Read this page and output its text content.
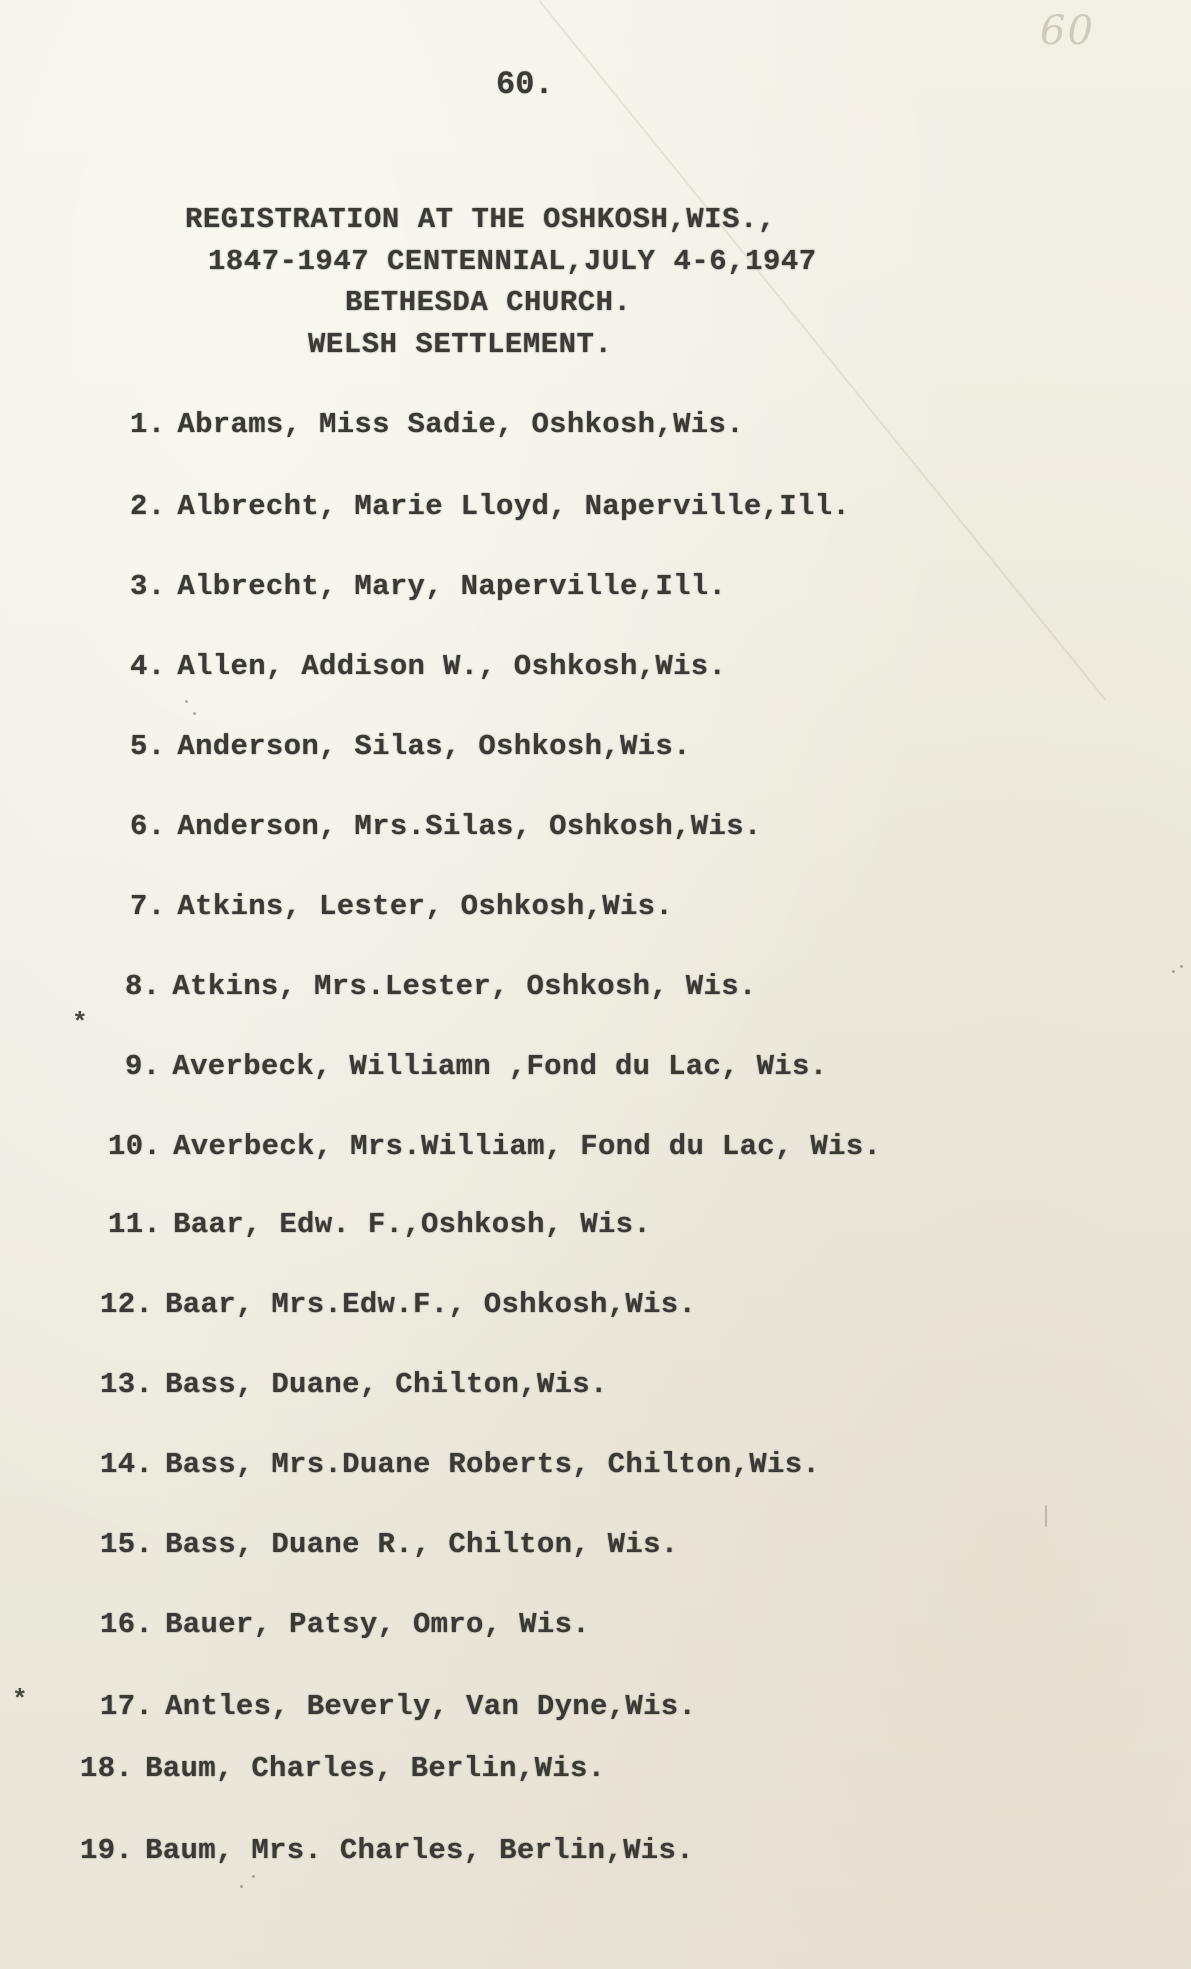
60
60.
REGISTRATION AT THE OSHKOSH,WIS.,
1847-1947 CENTENNIAL,JULY 4-6,1947
BETHESDA CHURCH.
WELSH SETTLEMENT.
1. Abrams, Miss Sadie, Oshkosh,Wis.
2. Albrecht, Marie Lloyd, Naperville,Ill.
3. Albrecht, Mary, Naperville,Ill.
4. Allen, Addison W., Oshkosh,Wis.
5. Anderson, Silas, Oshkosh,Wis.
6. Anderson, Mrs.Silas, Oshkosh,Wis.
7. Atkins, Lester, Oshkosh,Wis.
8. Atkins, Mrs.Lester, Oshkosh, Wis.
9. Averbeck, Williamn ,Fond du Lac, Wis.
10. Averbeck, Mrs.William, Fond du Lac, Wis.
11. Baar, Edw. F.,Oshkosh, Wis.
12. Baar, Mrs.Edw.F., Oshkosh,Wis.
13. Bass, Duane, Chilton,Wis.
14. Bass, Mrs.Duane Roberts, Chilton,Wis.
15. Bass, Duane R., Chilton, Wis.
16. Bauer, Patsy, Omro, Wis.
17. Antles, Beverly, Van Dyne,Wis.
18. Baum, Charles, Berlin,Wis.
19. Baum, Mrs. Charles, Berlin,Wis.
*
*
